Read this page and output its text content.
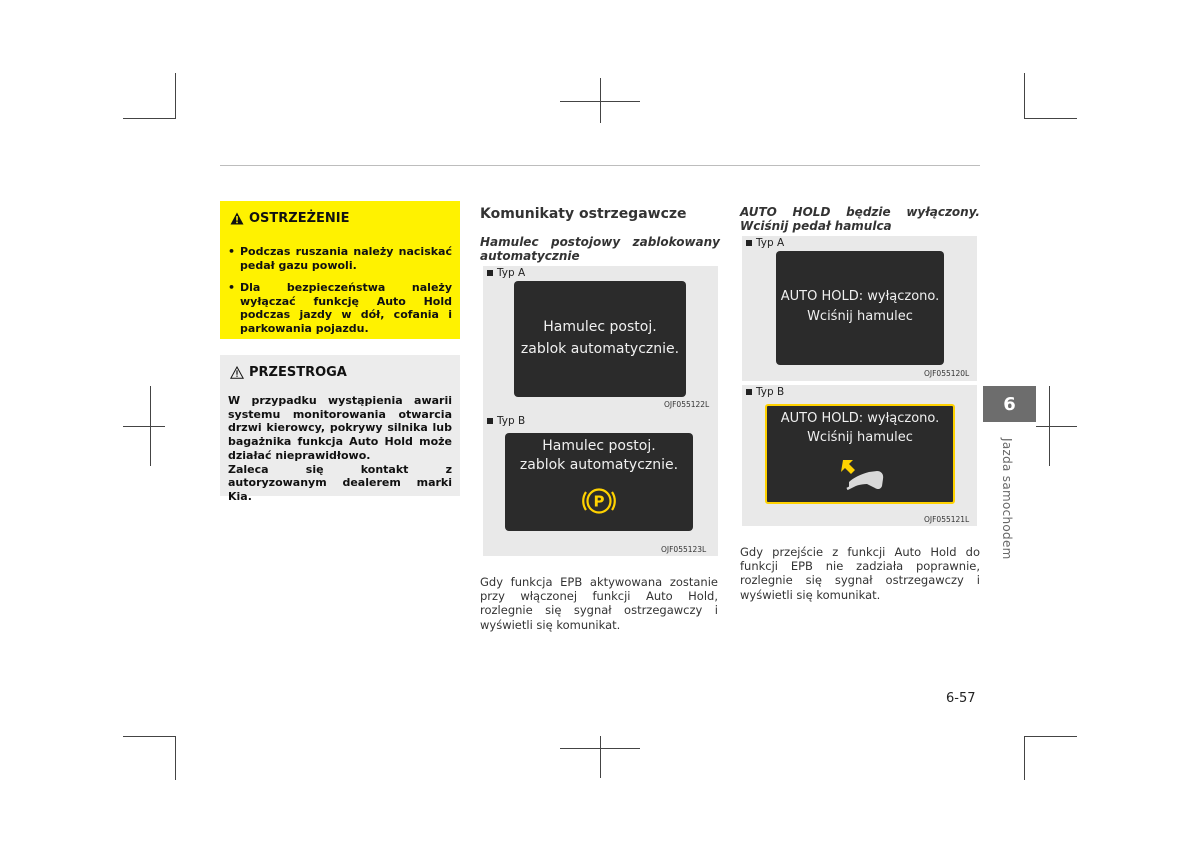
OSTRZEŻENIE
• Podczas ruszania należy naciskać pedał gazu powoli.
• Dla bezpieczeństwa należy wyłączać funkcję Auto Hold podczas jazdy w dół, cofania i parkowania pojazdu.
PRZESTROGA

W przypadku wystąpienia awarii systemu monitorowania otwarcia drzwi kierowcy, pokrywy silnika lub bagażnika funkcja Auto Hold może działać nieprawidłowo.

Zaleca się kontakt z autoryzowanym dealerem marki Kia.

Komunikaty ostrzegawcze
Hamulec postojowy zablokowany automatycznie
Typ A
Hamulec postoj.
zablok automatycznie.
OJF055122L
Typ B
Hamulec postoj.
zablok automatycznie.
P
OJF055123L
Gdy funkcja EPB aktywowana zostanie przy włączonej funkcji Auto Hold, rozlegnie się sygnał ostrzegawczy i wyświetli się komunikat.
AUTO HOLD będzie wyłączony. Wciśnij pedał hamulca
Typ A
AUTO HOLD: wyłączono.
Wciśnij hamulec
OJF055120L
Typ B
AUTO HOLD: wyłączono.
Wciśnij hamulec
OJF055121L
Gdy przejście z funkcji Auto Hold do funkcji EPB nie zadziała poprawnie, rozlegnie się sygnał ostrzegawczy i wyświetli się komunikat.
6
Jazda samochodem
6-57
